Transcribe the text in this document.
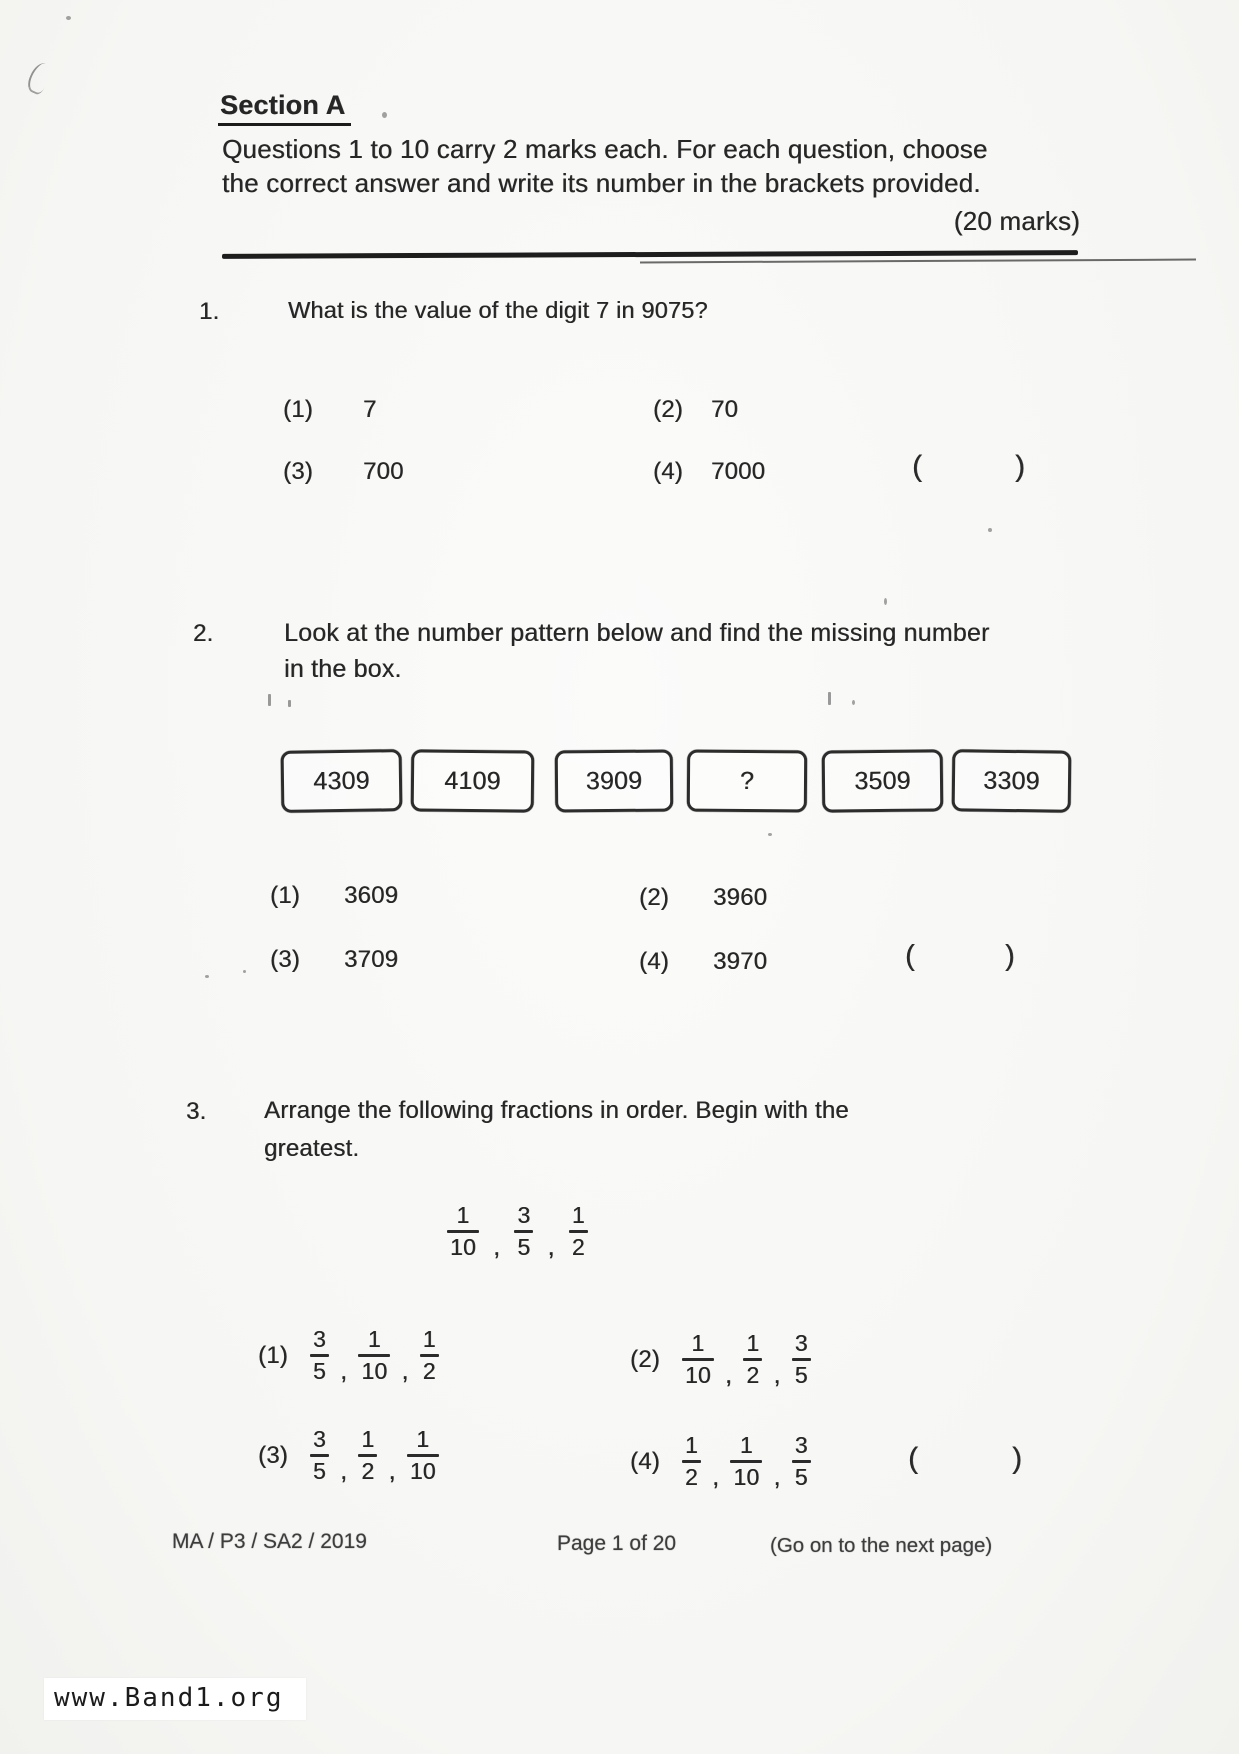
Section A
Questions 1 to 10 carry 2 marks each. For each question, choose
the correct answer and write its number in the brackets provided.
(20 marks)
1.	What is the value of the digit 7 in 9075?
(1)	7	(2)	70
(3)	700	(4)	7000	(	)
2.	Look at the number pattern below and find the missing number
in the box.
4309	4109	3909	?	3509	3309
(1)	3609	(2)	3960
(3)	3709	(4)	3970	(	)
3. Arrange the following fractions in order. Begin with the
greatest.
$\frac{1}{10}$ , $\frac{3}{5}$ , $\frac{1}{2}$
$(1) \frac{3}{5}$ , $\frac{1}{10}$ , $\frac{1}{2}$	$(2) \frac{1}{10}$ , $\frac{1}{2}$ , $\frac{3}{5}$
$(3) \frac{3}{5}$ , $\frac{1}{2}$ , $\frac{1}{10}$	$(4) \frac{1}{2}$ , $\frac{1}{10}$ , $\frac{3}{5}$	(	)
MA / P3 / SA2 / 2019	Page 1 of 20	(Go on to the next page)
www.Band1.org
